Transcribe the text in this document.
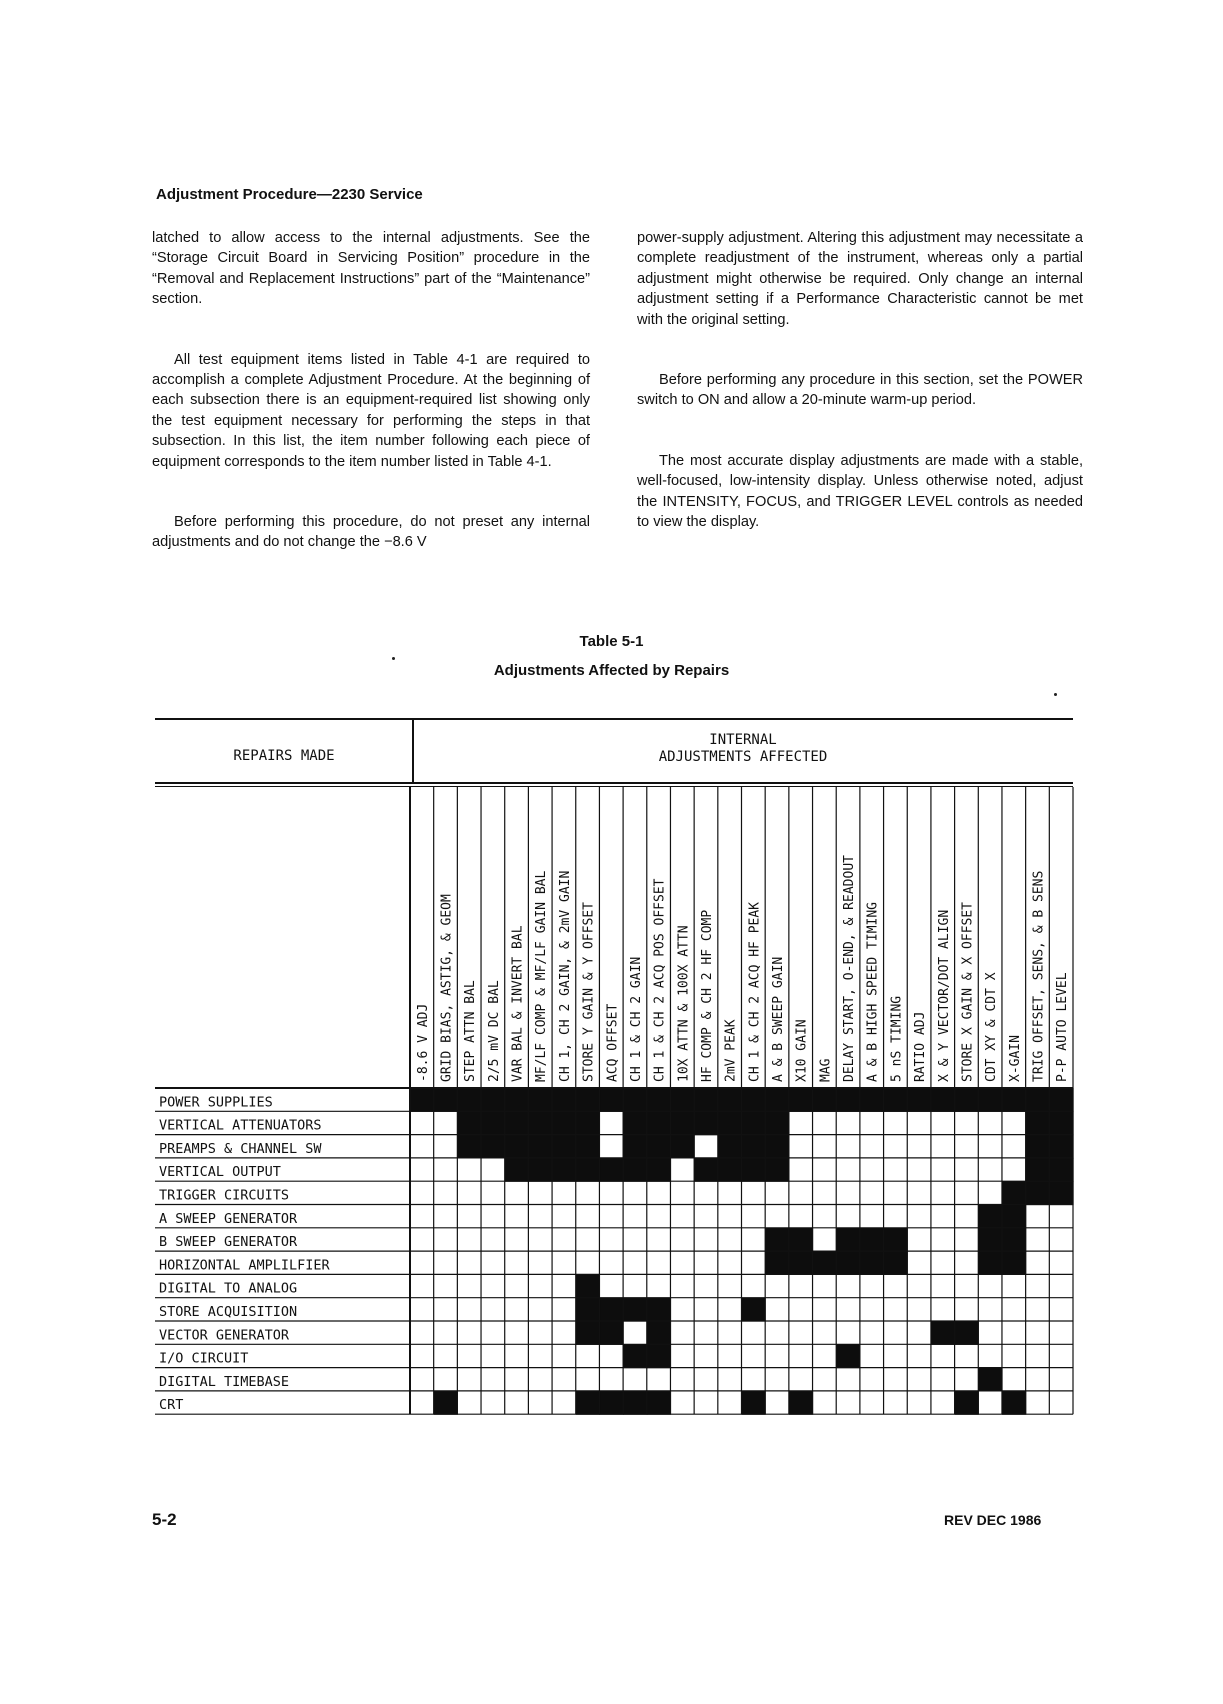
Adjustment Procedure—2230 Service

latched to allow access to the internal adjustments. See the “Storage Circuit Board in Servicing Position” procedure in the “Removal and Replacement Instructions” part of the “Maintenance” section.

All test equipment items listed in Table 4-1 are required to accomplish a complete Adjustment Procedure. At the beginning of each subsection there is an equipment-required list showing only the test equipment necessary for performing the steps in that subsection. In this list, the item number following each piece of equipment corresponds to the item number listed in Table 4-1.

Before performing this procedure, do not preset any internal adjustments and do not change the −8.6 V

power-supply adjustment. Altering this adjustment may necessitate a complete readjustment of the instrument, whereas only a partial adjustment might otherwise be required. Only change an internal adjustment setting if a Performance Characteristic cannot be met with the original setting.

Before performing any procedure in this section, set the POWER switch to ON and allow a 20-minute warm-up period.

The most accurate display adjustments are made with a stable, well-focused, low-intensity display. Unless otherwise noted, adjust the INTENSITY, FOCUS, and TRIGGER LEVEL controls as needed to view the display.

Table 5-1
Adjustments Affected by Repairs
REPAIRS MADE
INTERNAL
ADJUSTMENTS AFFECTED
-8.6 V ADJ GRID BIAS, ASTIG, & GEOM STEP ATTN BAL 2/5 mV DC BAL VAR BAL & INVERT BAL MF/LF COMP & MF/LF GAIN BAL CH 1, CH 2 GAIN, & 2mV GAIN STORE Y GAIN & Y OFFSET ACQ OFFSET CH 1 & CH 2 GAIN CH 1 & CH 2 ACQ POS OFFSET 10X ATTN & 100X ATTN HF COMP & CH 2 HF COMP 2mV PEAK CH 1 & CH 2 ACQ HF PEAK A & B SWEEP GAIN X10 GAIN MAG DELAY START, O-END, & READOUT A & B HIGH SPEED TIMING 5 nS TIMING RATIO ADJ X & Y VECTOR/DOT ALIGN STORE X GAIN & X OFFSET CDT XY & CDT X X-GAIN TRIG OFFSET, SENS, & B SENS P-P AUTO LEVEL
POWER SUPPLIES
VERTICAL ATTENUATORS
PREAMPS & CHANNEL SW
VERTICAL OUTPUT
TRIGGER CIRCUITS
A SWEEP GENERATOR
B SWEEP GENERATOR
HORIZONTAL AMPLILFIER
DIGITAL TO ANALOG
STORE ACQUISITION
VECTOR GENERATOR
I/O CIRCUIT
DIGITAL TIMEBASE
CRT
5-2	REV DEC 1986
